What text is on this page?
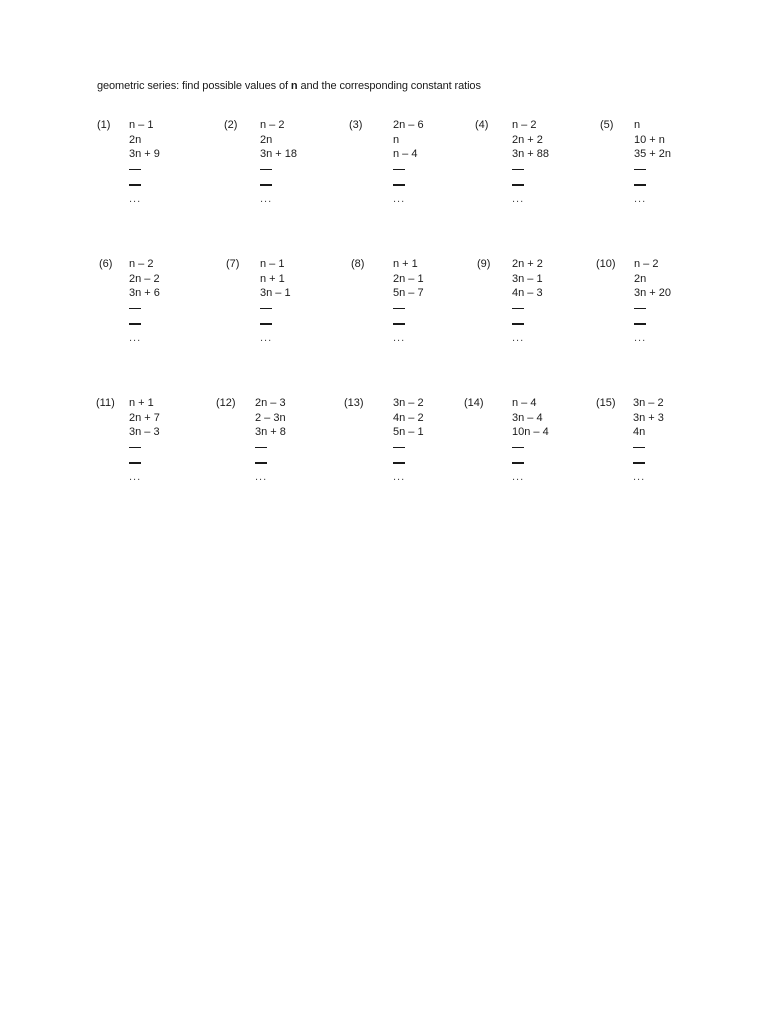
geometric series: find possible values of n and the corresponding constant ratios
(1) n – 1
2n
3n + 9
...
(2) n – 2
2n
3n + 18
...
(3)	2n – 6
n
n – 4
...
(4) n – 2
2n + 2
3n + 88
...
(5) n
10 + n
35 + 2n
...
(6) n – 2
2n – 2
3n + 6
...
(7) n – 1
n + 1
3n – 1
...
(8)	n + 1
2n – 1
5n – 7
...
(9) 2n + 2
3n – 1
4n – 3
...
(10) n – 2
2n
3n + 20
...
(11) n + 1
2n + 7
3n – 3
...
(12) 2n – 3
2 – 3n
3n + 8
...
(13)	3n – 2
4n – 2
5n – 1
...
(14)	n – 4
3n – 4
10n – 4
...
(15) 3n – 2
3n + 3
4n
...
